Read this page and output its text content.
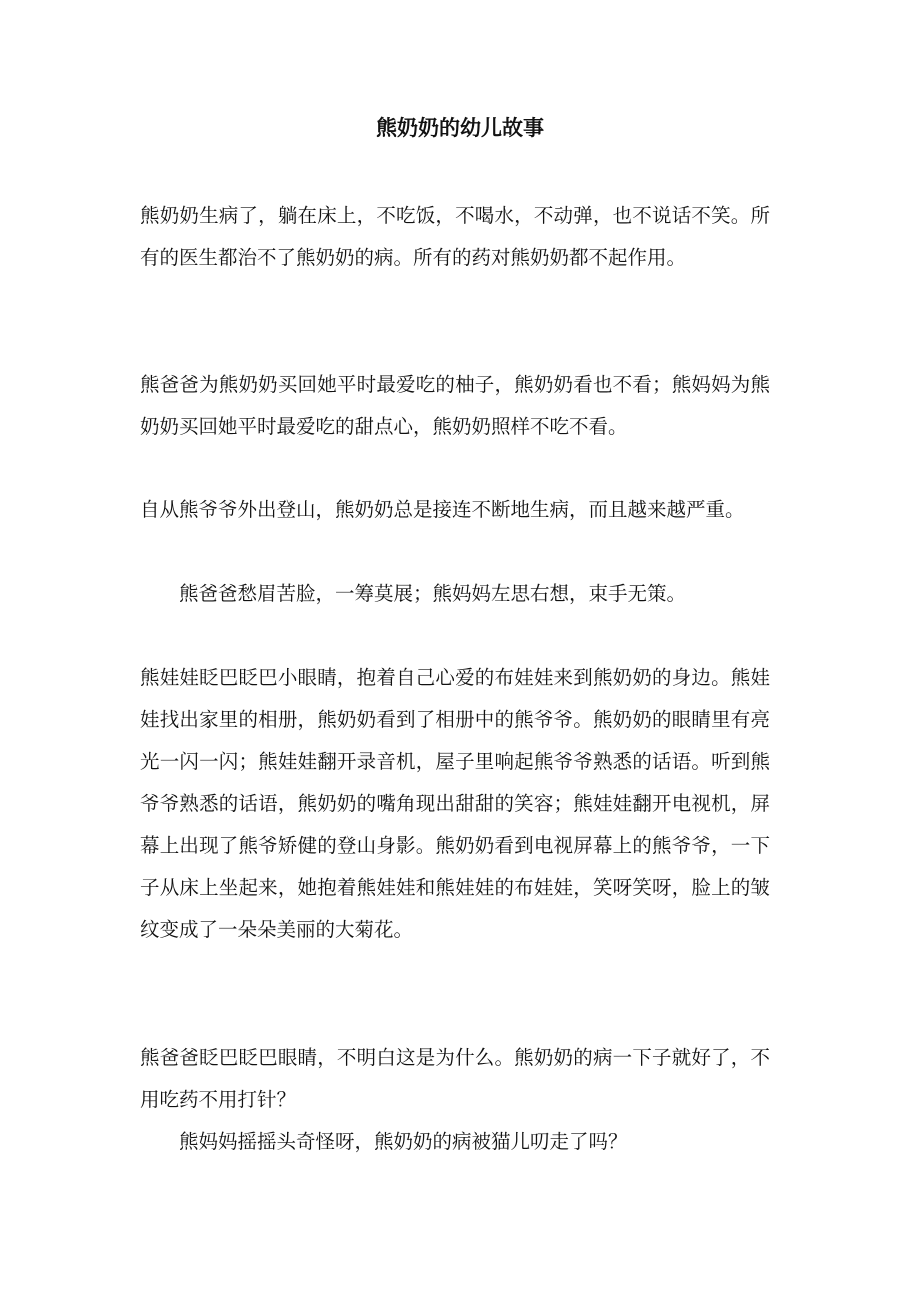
熊奶奶的幼儿故事

熊奶奶生病了，躺在床上，不吃饭，不喝水，不动弹，也不说话不笑。所有的医生都治不了熊奶奶的病。所有的药对熊奶奶都不起作用。

熊爸爸为熊奶奶买回她平时最爱吃的柚子，熊奶奶看也不看；熊妈妈为熊奶奶买回她平时最爱吃的甜点心，熊奶奶照样不吃不看。

自从熊爷爷外出登山，熊奶奶总是接连不断地生病，而且越来越严重。

熊爸爸愁眉苦脸，一筹莫展；熊妈妈左思右想，束手无策。

熊娃娃眨巴眨巴小眼睛，抱着自己心爱的布娃娃来到熊奶奶的身边。熊娃娃找出家里的相册，熊奶奶看到了相册中的熊爷爷。熊奶奶的眼睛里有亮光一闪一闪；熊娃娃翻开录音机，屋子里响起熊爷爷熟悉的话语。听到熊爷爷熟悉的话语，熊奶奶的嘴角现出甜甜的笑容；熊娃娃翻开电视机，屏幕上出现了熊爷矫健的登山身影。熊奶奶看到电视屏幕上的熊爷爷，一下子从床上坐起来，她抱着熊娃娃和熊娃娃的布娃娃，笑呀笑呀，脸上的皱纹变成了一朵朵美丽的大菊花。

熊爸爸眨巴眨巴眼睛，不明白这是为什么。熊奶奶的病一下子就好了，不用吃药不用打针？

熊妈妈摇摇头奇怪呀，熊奶奶的病被猫儿叨走了吗？
